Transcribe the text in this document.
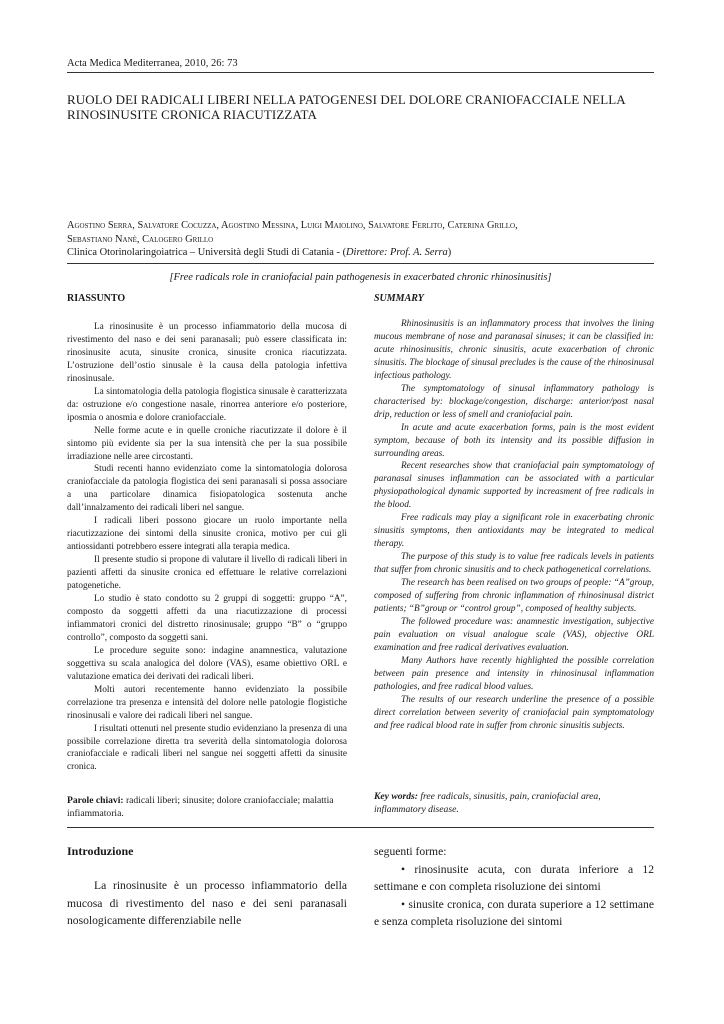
Acta Medica Mediterranea, 2010, 26: 73
RUOLO DEI RADICALI LIBERI NELLA PATOGENESI DEL DOLORE CRANIOFACCIALE NELLA RINOSINUSITE CRONICA RIACUTIZZATA
Agostino Serra, Salvatore Cocuzza, Agostino Messina, Luigi Maiolino, Salvatore Ferlito, Caterina Grillo,
Sebastiano Nanè, Calogero Grillo
Clinica Otorinolaringoiatrica – Università degli Studi di Catania - (Direttore: Prof. A. Serra)
[Free radicals role in craniofacial pain pathogenesis in exacerbated chronic rhinosinusitis]
RIASSUNTO

La rinosinusite è un processo infiammatorio della mucosa di rivestimento del naso e dei seni paranasali; può essere classificata in: rinosinusite acuta, sinusite cronica, sinusite cronica riacutizzata. L’ostruzione dell’ostio sinusale è la causa della patologia infettiva rinosinusale.

La sintomatologia della patologia flogistica sinusale è caratterizzata da: ostruzione e/o congestione nasale, rinorrea anteriore e/o posteriore, iposmia o anosmia e dolore craniofacciale.

Nelle forme acute e in quelle croniche riacutizzate il dolore è il sintomo più evidente sia per la sua intensità che per la sua possibile irradiazione nelle aree circostanti.

Studi recenti hanno evidenziato come la sintomatologia dolorosa craniofacciale da patologia flogistica dei seni paranasali si possa associare a una particolare dinamica fisiopatologica sostenuta anche dall’innalzamento dei radicali liberi nel sangue.

I radicali liberi possono giocare un ruolo importante nella riacutizzazione dei sintomi della sinusite cronica, motivo per cui gli antiossidanti potrebbero essere integrati alla terapia medica.

Il presente studio si propone di valutare il livello di radicali liberi in pazienti affetti da sinusite cronica ed effettuare le relative correlazioni patogenetiche.

Lo studio è stato condotto su 2 gruppi di soggetti: gruppo “A”, composto da soggetti affetti da una riacutizzazione di processi infiammatori cronici del distretto rinosinusale; gruppo “B” o “gruppo controllo”, composto da soggetti sani.

Le procedure seguite sono: indagine anamnestica, valutazione soggettiva su scala analogica del dolore (VAS), esame obiettivo ORL e valutazione ematica dei derivati dei radicali liberi.

Molti autori recentemente hanno evidenziato la possibile correlazione tra presenza e intensità del dolore nelle patologie flogistiche rinosinusali e valore dei radicali liberi nel sangue.

I risultati ottenuti nel presente studio evidenziano la presenza di una possibile correlazione diretta tra severità della sintomatologia dolorosa craniofacciale e radicali liberi nel sangue nei soggetti affetti da sinusite cronica.

Parole chiavi: radicali liberi; sinusite; dolore craniofacciale; malattia infiammatoria.
SUMMARY

Rhinosinusitis is an inflammatory process that involves the lining mucous membrane of nose and paranasal sinuses; it can be classified in: acute rhinosinusitis, chronic sinusitis, acute exacerbation of chronic sinusitis. The blockage of sinusal precludes is the cause of the rhinosinusal infectious pathology.

The symptomatology of sinusal inflammatory pathology is characterised by: blockage/congestion, discharge: anterior/post nasal drip, reduction or less of smell and craniofacial pain.

In acute and acute exacerbation forms, pain is the most evident symptom, because of both its intensity and its possible diffusion in surrounding areas.

Recent researches show that craniofacial pain symptomatology of paranasal sinuses inflammation can be associated with a particular physiopathological dynamic supported by increasment of free radicals in the blood.

Free radicals may play a significant role in exacerbating chronic sinusitis symptoms, then antioxidants may be integrated to medical therapy.

The purpose of this study is to value free radicals levels in patients that suffer from chronic sinusitis and to check pathogenetical correlations.

The research has been realised on two groups of people: “A”group, composed of suffering from chronic inflammation of rhinosinusal district patients; “B”group or “control group”, composed of healthy subjects.

The followed procedure was: anamnestic investigation, subjective pain evaluation on visual analogue scale (VAS), objective ORL examination and free radical derivatives evaluation.

Many Authors have recently highlighted the possible correlation between pain presence and intensity in rhinosinusal inflammation pathologies, and free radical blood values.

The results of our research underline the presence of a possible direct correlation between severity of craniofacial pain symptomatology and free radical blood rate in suffer from chronic sinusitis subjects.

Key words: free radicals, sinusitis, pain, craniofacial area, inflammatory disease.
Introduzione

La rinosinusite è un processo infiammatorio della mucosa di rivestimento del naso e dei seni paranasali nosologicamente differenziabile nelle

seguenti forme:

• rinosinusite acuta, con durata inferiore a 12 settimane e con completa risoluzione dei sintomi

• sinusite cronica, con durata superiore a 12 settimane e senza completa risoluzione dei sintomi
